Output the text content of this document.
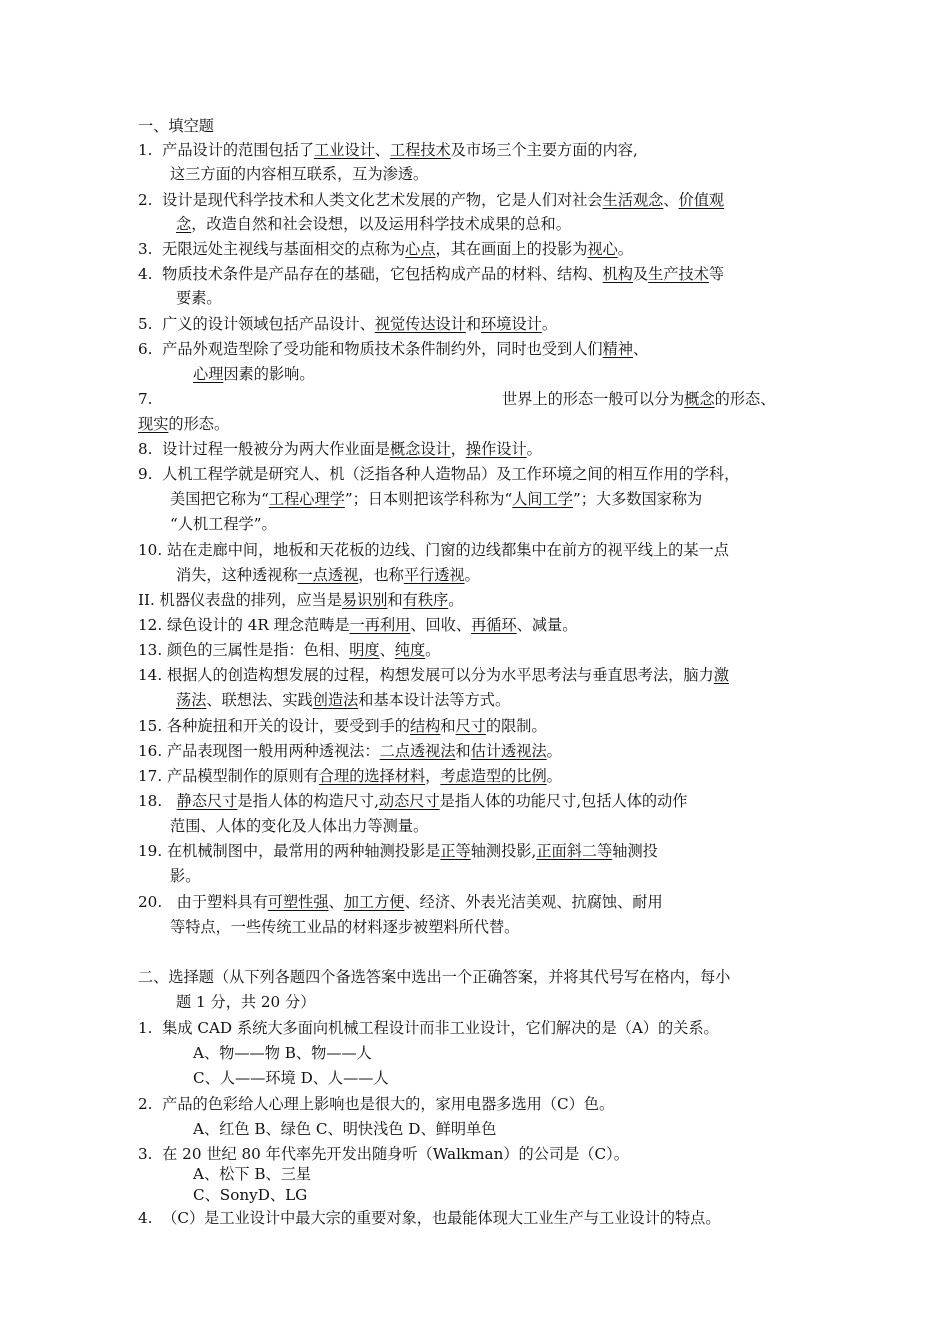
一、填空题
1.  产品设计的范围包括了工业设计、工程技术及市场三个主要方面的内容,
这三方面的内容相互联系，互为渗透。
2.  设计是现代科学技术和人类文化艺术发展的产物，它是人们对社会生活观念、价值观
念，改造自然和社会设想，以及运用科学技术成果的总和。
3.  无限远处主视线与基面相交的点称为心点，其在画面上的投影为视心。
4.  物质技术条件是产品存在的基础，它包括构成产品的材料、结构、机构及生产技术等
要素。
5.  广义的设计领域包括产品设计、视觉传达设计和环境设计。
6.  产品外观造型除了受功能和物质技术条件制约外，同时也受到人们精神、
心理因素的影响。
7.	世界上的形态一般可以分为概念的形态、
现实的形态。
8.  设计过程一般被分为两大作业面是概念设计，操作设计。
9.  人机工程学就是研究人、机（泛指各种人造物品）及工作环境之间的相互作用的学科，
美国把它称为“工程心理学”；日本则把该学科称为“人间工学”；大多数国家称为
“人机工程学”。
10. 站在走廊中间，地板和天花板的边线、门窗的边线都集中在前方的视平线上的某一点
消失，这种透视称一点透视，也称平行透视。
II. 机器仪表盘的排列，应当是易识别和有秩序。
12. 绿色设计的 4R 理念范畴是一再利用、回收、再循环、减量。
13. 颜色的三属性是指：色相、明度、纯度。
14. 根据人的创造构想发展的过程，构想发展可以分为水平思考法与垂直思考法，脑力激
荡法、联想法、实践创造法和基本设计法等方式。
15. 各种旋扭和开关的设计，要受到手的结构和尺寸的限制。
16. 产品表现图一般用两种透视法：二点透视法和估计透视法。
17. 产品模型制作的原则有合理的选择材料，考虑造型的比例。
18.   静态尺寸是指人体的构造尺寸,动态尺寸是指人体的功能尺寸,包括人体的动作
范围、人体的变化及人体出力等测量。
19. 在机械制图中，最常用的两种轴测投影是正等轴测投影,正面斜二等轴测投
影。
20.   由于塑料具有可塑性强、加工方便、经济、外表光洁美观、抗腐蚀、耐用
等特点，一些传统工业品的材料逐步被塑料所代替。
二、选择题（从下列各题四个备选答案中选出一个正确答案，并将其代号写在格内，每小
题 1 分，共 20 分）
1.  集成 CAD 系统大多面向机械工程设计而非工业设计，它们解决的是（A）的关系。
A、物——物 B、物——人
C、人——环境 D、人——人
2.  产品的色彩给人心理上影响也是很大的，家用电器多选用（C）色。
A、红色 B、绿色 C、明快浅色 D、鲜明单色
3.  在 20 世纪 80 年代率先开发出随身听（Walkman）的公司是（C）。
A、松下 B、三星
C、SonyD、LG
4.  （C）是工业设计中最大宗的重要对象，也最能体现大工业生产与工业设计的特点。
